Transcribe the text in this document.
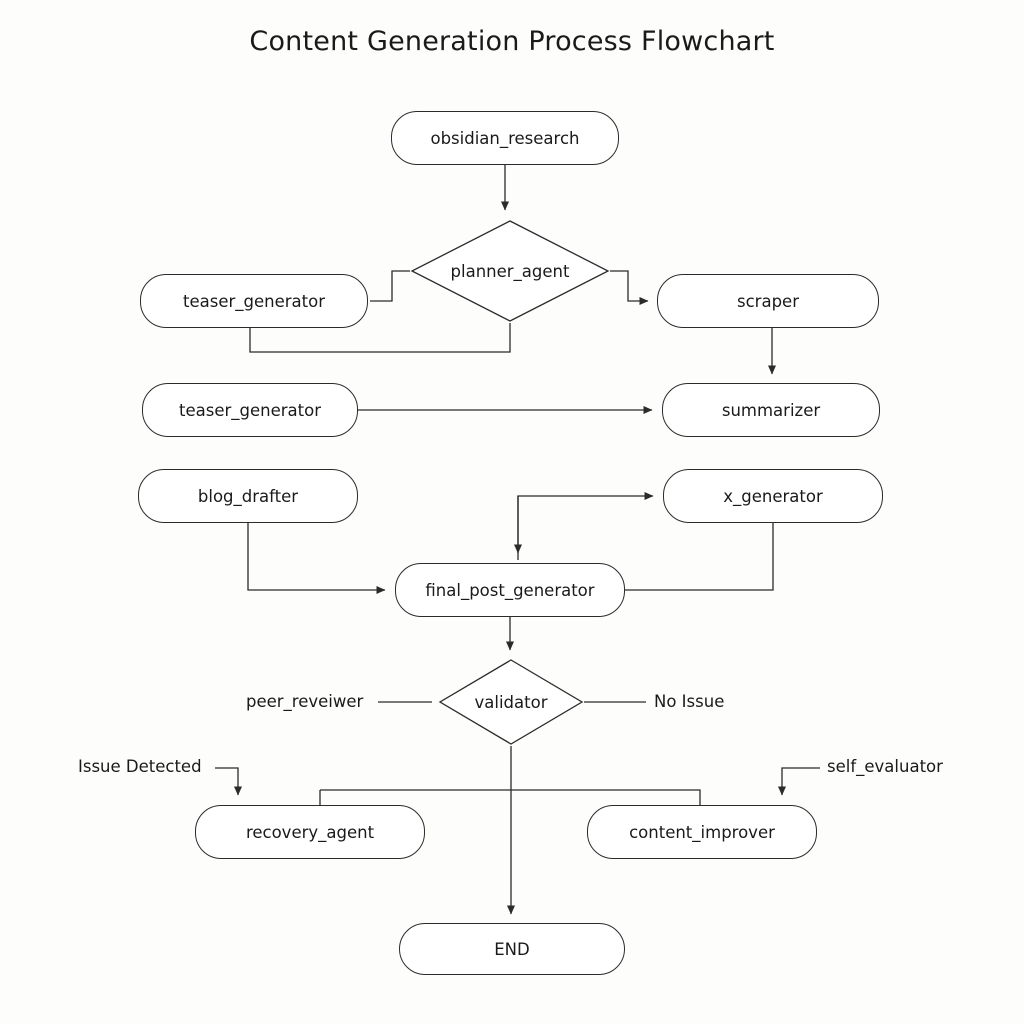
Content Generation Process Flowchart
obsidian_research
planner_agent
teaser_generator	scraper
teaser_generator	summarizer
blog_drafter	x_generator
final_post_generator
validator
recovery_agent	content_improver
END
peer_reveiwer	No Issue
Issue Detected	self_evaluator
